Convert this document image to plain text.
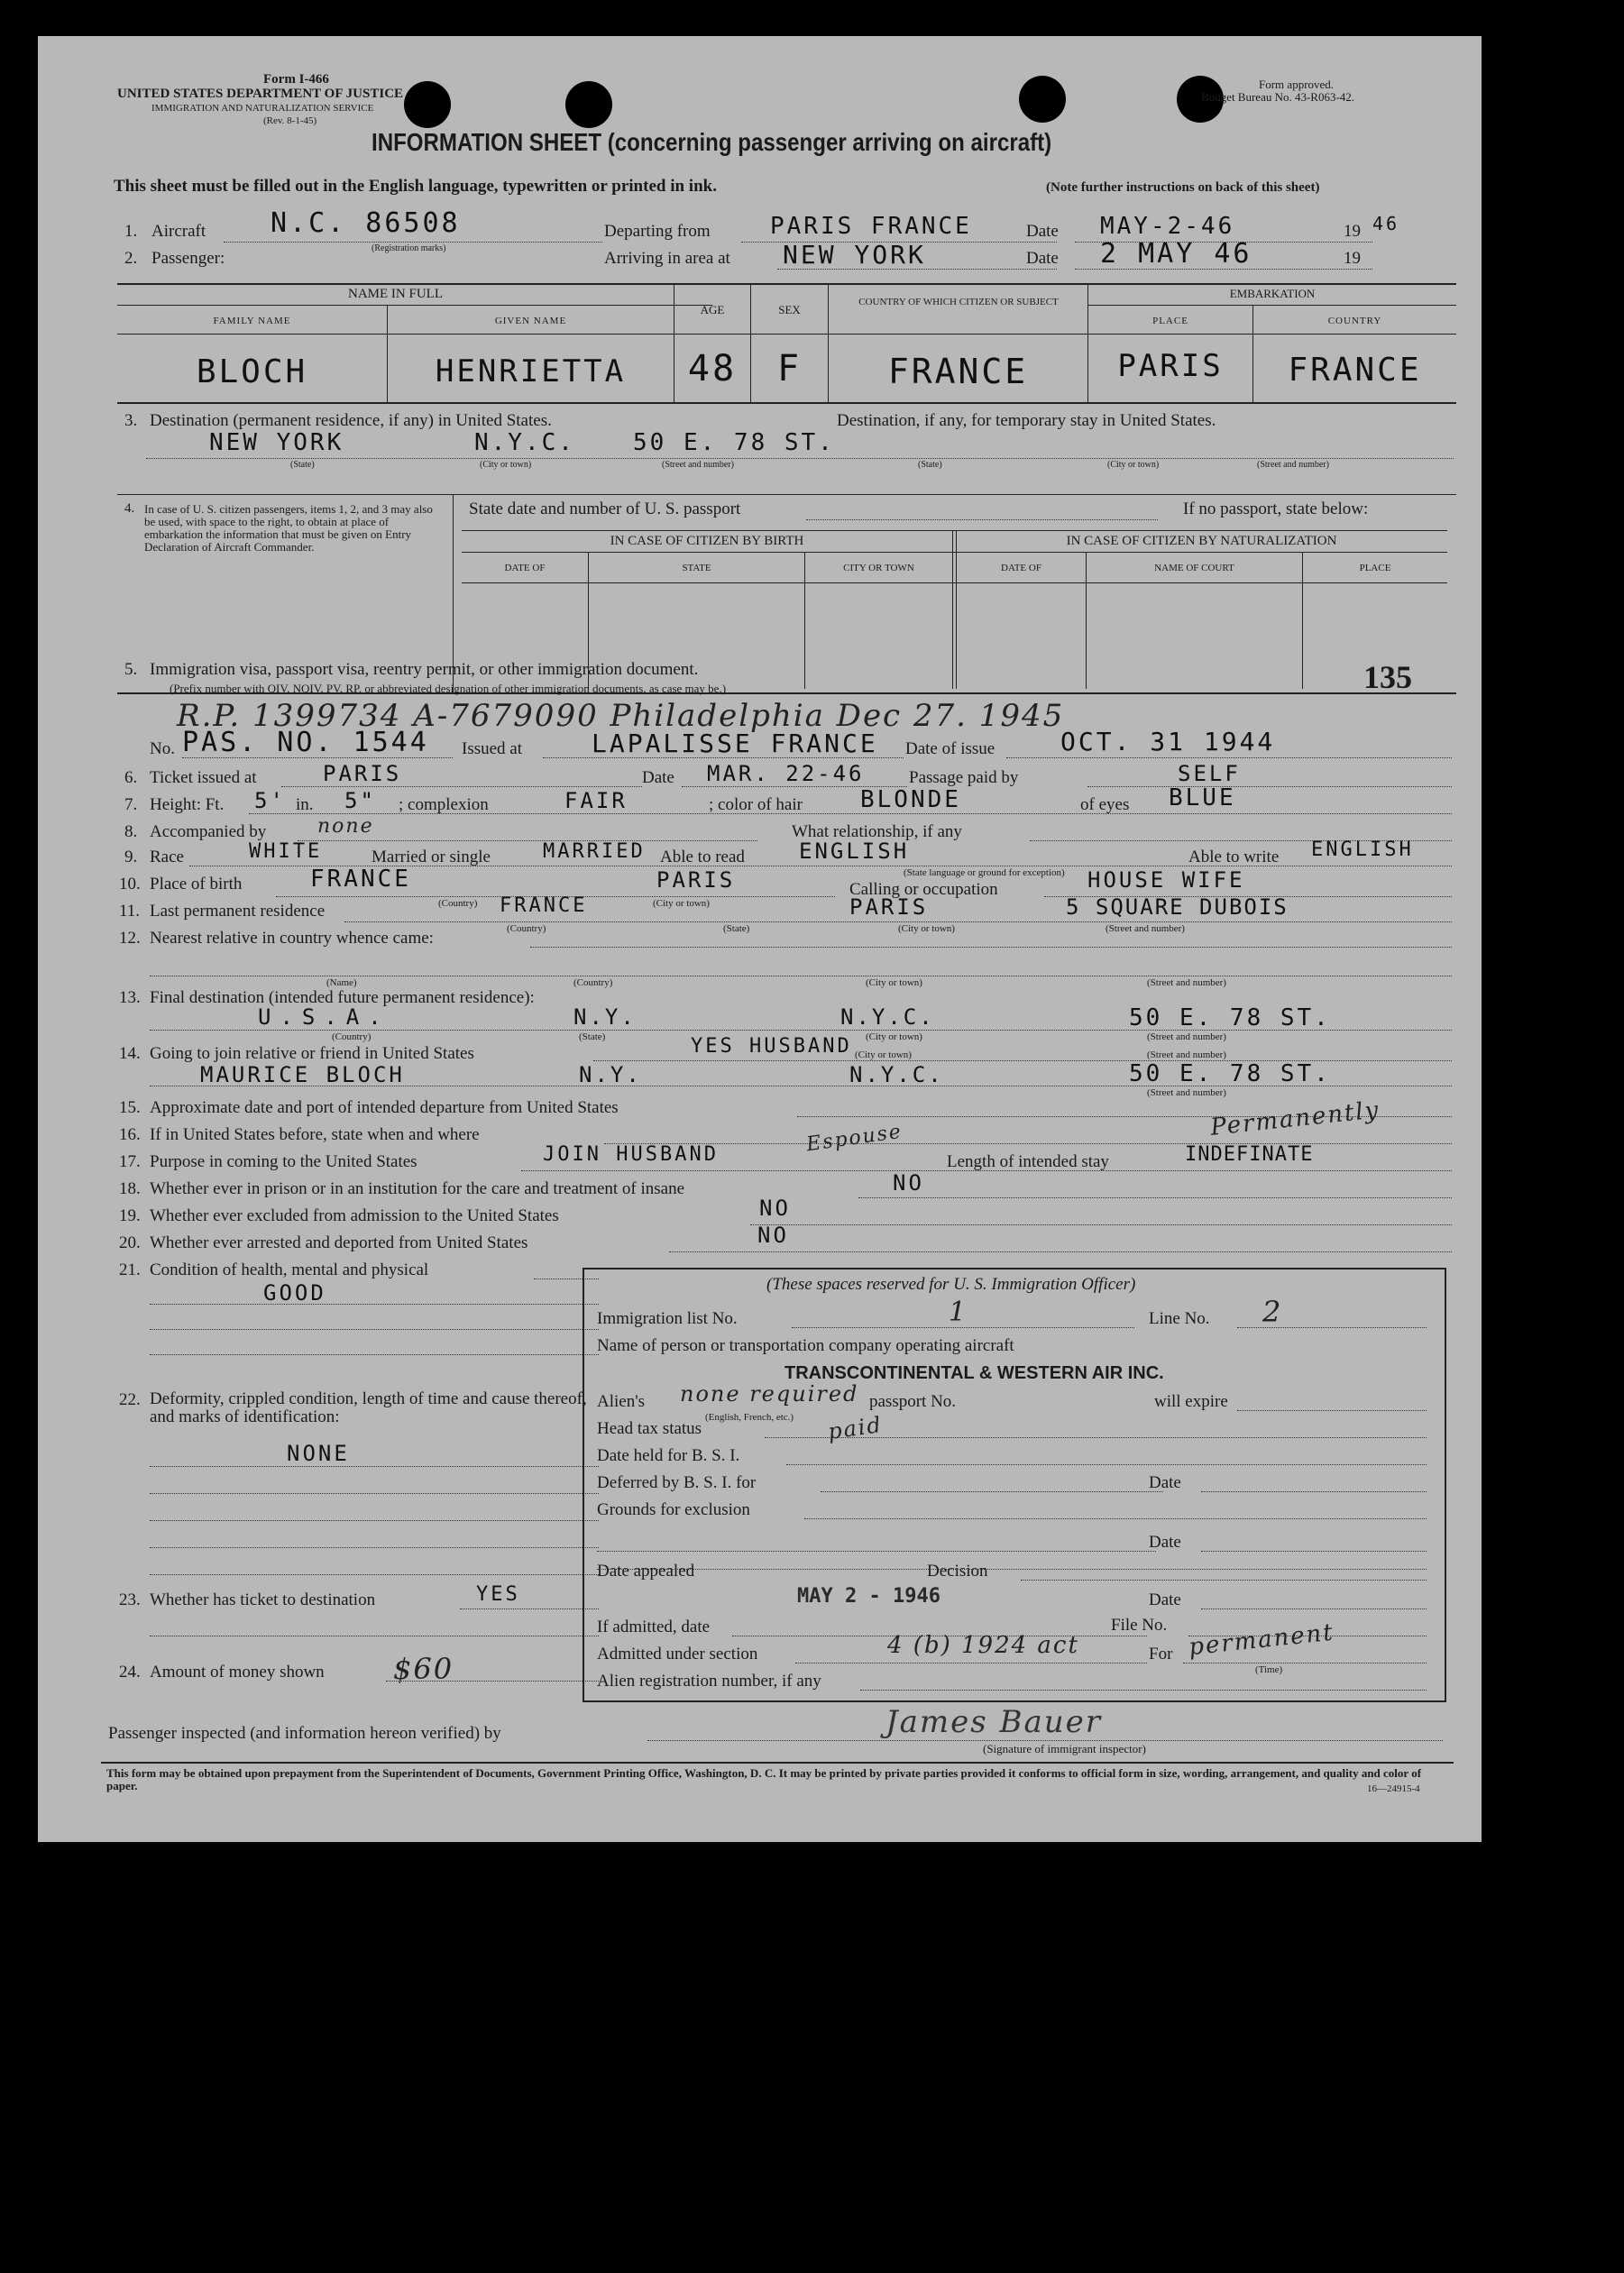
Form I-466
UNITED STATES DEPARTMENT OF JUSTICE
IMMIGRATION AND NATURALIZATION SERVICE
(Rev. 8-1-45)
Form approved.
Budget Bureau No. 43-R063-42.
INFORMATION SHEET (concerning passenger arriving on aircraft)
This sheet must be filled out in the English language, typewritten or printed in ink.	(Note further instructions on back of this sheet)
1. Aircraft N.C. 86508
(Registration marks)
Departing from	PARIS FRANCE	Date MAY-2-46	19 46
2. Passenger:	Arriving in area at NEW YORK	Date 2 MAY 46	19
NAME IN FULL
FAMILY NAME	GIVEN NAME
AGE	SEX
COUNTRY OF WHICH CITIZEN OR SUBJECT
EMBARKATION
PLACE	COUNTRY
BLOCH	HENRIETTA	48	F	FRANCE	PARIS	FRANCE
3. Destination (permanent residence, if any) in United States.	Destination, if any, for temporary stay in United States.
NEW YORK	N.Y.C. 50 E. 78 ST.
(State)	(City or town)	(Street and number)	(State)	(City or town)	(Street and number)
4. In case of U. S. citizen passengers, items 1, 2, and 3 may also be used, with space to the right, to obtain at place of embarkation the information that must be given on Entry Declaration of Aircraft Commander.
State date and number of U. S. passport	If no passport, state below:
IN CASE OF CITIZEN BY BIRTH	IN CASE OF CITIZEN BY NATURALIZATION
DATE OF	STATE	CITY OR TOWN	DATE OF	NAME OF COURT	PLACE
5. Immigration visa, passport visa, reentry permit, or other immigration document.
(Prefix number with QIV, NQIV, PV, RP, or abbreviated designation of other immigration documents, as case may be.)	135
R.P. 1399734 A-7679090 Philadelphia Dec 27. 1945
No. PAS. NO. 1544 Issued at	LAPALISSE FRANCE Date of issue	OCT. 31 1944
6. Ticket issued at	PARIS	Date MAR. 22-46	Passage paid by	SELF
7. Height: Ft. 5' in. 5" ; complexion	FAIR	; color of hair BLONDE	of eyes BLUE
8. Accompanied by	none	What relationship, if any
9. Race	WHITE	Married or single	MARRIED Able to read	ENGLISH	Able to write ENGLISH
(State language or ground for exception)
10. Place of birth	FRANCE	PARIS	Calling or occupation	HOUSE WIFE
(Country)	(City or town)
11. Last permanent residence	FRANCE	PARIS	5 SQUARE DUBOIS
(Country)	(State)	(City or town)	(Street and number)
12. Nearest relative in country whence came:
(Name)	(Country)	(City or town)	(Street and number)
13. Final destination (intended future permanent residence):
U.S.A.	N.Y.	N.Y.C.	50 E. 78 ST.
(Country)	(State)	(City or town)	(Street and number)
14. Going to join relative or friend in United States	YES HUSBAND
MAURICE BLOCH	N.Y.	N.Y.C.	50 E. 78 ST.
(City or town)	(Street and number)
(Street and number)
15. Approximate date and port of intended departure from United States
16. If in United States before, state when and where	Permanently
17. Purpose in coming to the United States	JOIN HUSBAND	Espouse
Length of intended stay	INDEFINATE
18. Whether ever in prison or in an institution for the care and treatment of insane	NO
19. Whether ever excluded from admission to the United States	NO
20. Whether ever arrested and deported from United States	NO
21. Condition of health, mental and physical
GOOD
22. Deformity, crippled condition, length of time and cause thereof, and marks of identification:
NONE
23. Whether has ticket to destination	YES
24. Amount of money shown $60
(These spaces reserved for U. S. Immigration Officer)
Immigration list No.	1	Line No. 2
Name of person or transportation company operating aircraft
TRANSCONTINENTAL & WESTERN AIR INC.
Alien's none required passport No.	will expire
(English, French, etc.)
Head tax status	paid
Date held for B. S. I.
Deferred by B. S. I. for	Date
Grounds for exclusion
Date
Date appealed	Decision
MAY 2 - 1946	Date
If admitted, date	File No.
Admitted under section	4 (b) 1924 act	For permanent
(Time)
Alien registration number, if any
Passenger inspected (and information hereon verified) by	James Bauer
(Signature of immigrant inspector)
This form may be obtained upon prepayment from the Superintendent of Documents, Government Printing Office, Washington, D. C. It may be printed by private parties provided it conforms to official form in size, wording, arrangement, and quality and color of paper.	16—24915-4
